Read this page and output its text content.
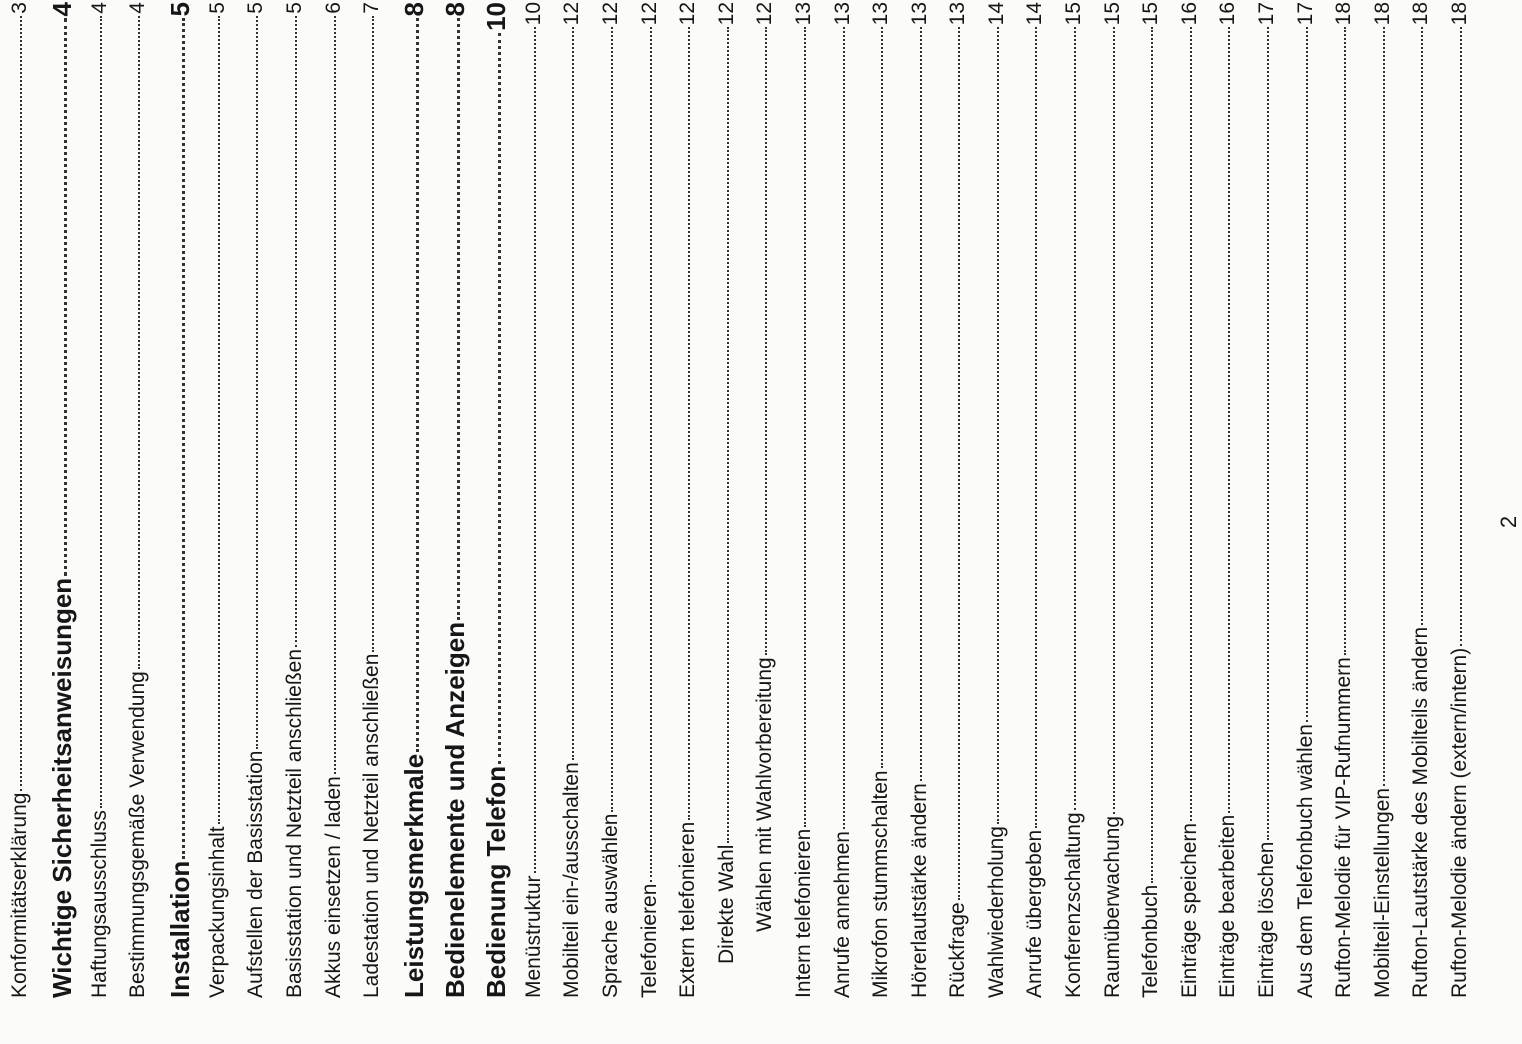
Konformitätserklärung
3
Wichtige Sicherheitsanweisungen
4
Haftungsausschluss
4
Bestimmungsgemäße Verwendung
4
Installation
5
Verpackungsinhalt
5
Aufstellen der Basisstation
5
Basisstation und Netzteil anschließen
5
Akkus einsetzen / laden
6
Ladestation und Netzteil anschließen
7
Leistungsmerkmale
8
Bedienelemente und Anzeigen
8
Bedienung Telefon
10
Menüstruktur
10
Mobilteil ein-/ausschalten
12
Sprache auswählen
12
Telefonieren
12
Extern telefonieren
12
Direkte Wahl
12
Wählen mit Wahlvorbereitung
12
Intern telefonieren
13
Anrufe annehmen
13
Mikrofon stummschalten
13
Hörerlautstärke ändern
13
Rückfrage
13
Wahlwiederholung
14
Anrufe übergeben
14
Konferenzschaltung
15
Raumüberwachung
15
Telefonbuch
15
Einträge speichern
16
Einträge bearbeiten
16
Einträge löschen
17
Aus dem Telefonbuch wählen
17
Rufton-Melodie für VIP-Rufnummern
18
Mobilteil-Einstellungen
18
Rufton-Lautstärke des Mobilteils ändern
18
Rufton-Melodie ändern (extern/intern)
18
2
